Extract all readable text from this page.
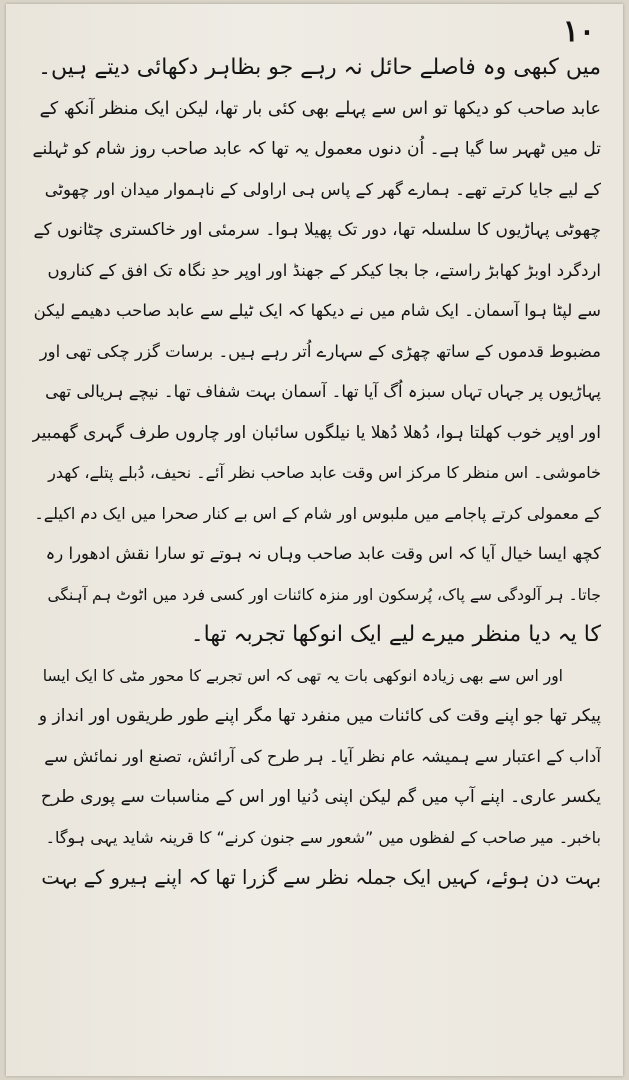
۱۰
میں کبھی وہ فاصلے حائل نہ رہے جو بظاہر دکھائی دیتے ہیں۔
عابد صاحب کو دیکھا تو اس سے پہلے بھی کئی بار تھا، لیکن ایک منظر آنکھ کے
تل میں ٹھہر سا گیا ہے۔ اُن دنوں معمول یہ تھا کہ عابد صاحب روز شام کو ٹہلنے
کے لیے جایا کرتے تھے۔ ہمارے گھر کے پاس ہی اراولی کے ناہموار میدان اور چھوٹی
چھوٹی پہاڑیوں کا سلسلہ تھا، دور تک پھیلا ہوا۔ سرمئی اور خاکستری چٹانوں کے
اردگرد اوبڑ کھابڑ راستے، جا بجا کیکر کے جھنڈ اور اوپر حدِ نگاہ تک افق کے کناروں
سے لپٹا ہوا آسمان۔ ایک شام میں نے دیکھا کہ ایک ٹیلے سے عابد صاحب دھیمے لیکن
مضبوط قدموں کے ساتھ چھڑی کے سہارے اُتر رہے ہیں۔ برسات گزر چکی تھی اور
پہاڑیوں پر جہاں تہاں سبزہ اُگ آیا تھا۔ آسمان بہت شفاف تھا۔ نیچے ہریالی تھی
اور اوپر خوب کھلتا ہوا، دُھلا دُھلا یا نیلگوں سائبان اور چاروں طرف گہری گھمبیر
خاموشی۔ اس منظر کا مرکز اس وقت عابد صاحب نظر آئے۔ نحیف، دُبلے پتلے، کھدر
کے معمولی کرتے پاجامے میں ملبوس اور شام کے اس بے کنار صحرا میں ایک دم اکیلے۔
کچھ ایسا خیال آیا کہ اس وقت عابد صاحب وہاں نہ ہوتے تو سارا نقش ادھورا رہ
جاتا۔ ہر آلودگی سے پاک، پُرسکون اور منزہ کائنات اور کسی فرد میں اٹوٹ ہم آہنگی
کا یہ دیا منظر میرے لیے ایک انوکھا تجربہ تھا۔
اور اس سے بھی زیادہ انوکھی بات یہ تھی کہ اس تجربے کا محور مٹی کا ایک ایسا
پیکر تھا جو اپنے وقت کی کائنات میں منفرد تھا مگر اپنے طور طریقوں اور انداز و
آداب کے اعتبار سے ہمیشہ عام نظر آیا۔ ہر طرح کی آرائش، تصنع اور نمائش سے
یکسر عاری۔ اپنے آپ میں گم لیکن اپنی دُنیا اور اس کے مناسبات سے پوری طرح
باخبر۔ میر صاحب کے لفظوں میں ”شعور سے جنون کرنے“ کا قرینہ شاید یہی ہوگا۔
بہت دن ہوئے، کہیں ایک جملہ نظر سے گزرا تھا کہ اپنے ہیرو کے بہت
